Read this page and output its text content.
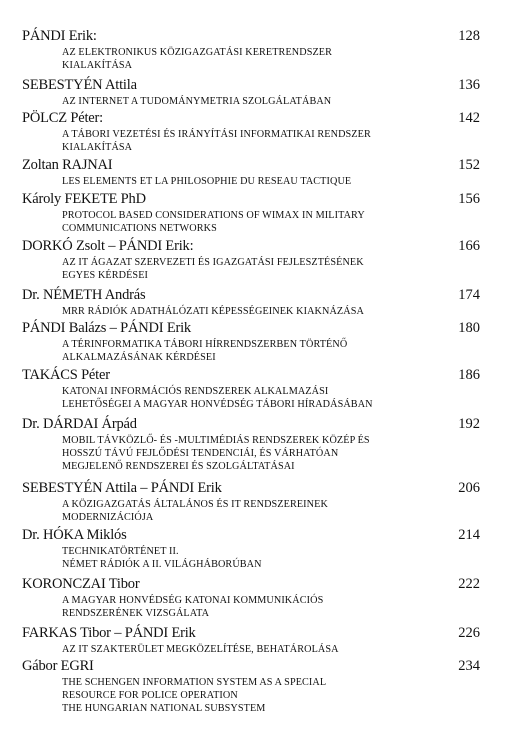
PÁNDI Erik:	128
AZ ELEKTRONIKUS KÖZIGAZGATÁSI KERETRENDSZER
KIALAKÍTÁSA
SEBESTYÉN Attila	136
AZ INTERNET A TUDOMÁNYMETRIA SZOLGÁLATÁBAN
PÖLCZ Péter:	142
A TÁBORI VEZETÉSI ÉS IRÁNYÍTÁSI INFORMATIKAI RENDSZER
KIALAKÍTÁSA
Zoltan RAJNAI	152
LES ELEMENTS ET LA PHILOSOPHIE DU RESEAU TACTIQUE
Károly FEKETE PhD	156
PROTOCOL BASED CONSIDERATIONS OF WIMAX IN MILITARY
COMMUNICATIONS NETWORKS
DORKÓ Zsolt – PÁNDI Erik:	166
AZ IT ÁGAZAT SZERVEZETI ÉS IGAZGATÁSI FEJLESZTÉSÉNEK
EGYES KÉRDÉSEI
Dr. NÉMETH András	174
MRR RÁDIÓK ADATHÁLÓZATI KÉPESSÉGEINEK KIAKNÁZÁSA
PÁNDI Balázs – PÁNDI Erik	180
A TÉRINFORMATIKA TÁBORI HÍRRENDSZERBEN TÖRTÉNŐ
ALKALMAZÁSÁNAK KÉRDÉSEI
TAKÁCS Péter	186
KATONAI INFORMÁCIÓS RENDSZEREK ALKALMAZÁSI
LEHETŐSÉGEI A MAGYAR HONVÉDSÉG TÁBORI HÍRADÁSÁBAN
Dr. DÁRDAI Árpád	192
MOBIL TÁVKÖZLŐ- ÉS -MULTIMÉDIÁS RENDSZEREK KÖZÉP ÉS
HOSSZÚ TÁVÚ FEJLŐDÉSI TENDENCIÁI, ÉS VÁRHATÓAN
MEGJELENŐ RENDSZEREI ÉS SZOLGÁLTATÁSAI
SEBESTYÉN Attila – PÁNDI Erik	206
A KÖZIGAZGATÁS ÁLTALÁNOS ÉS IT RENDSZEREINEK
MODERNIZÁCIÓJA
Dr. HÓKA Miklós	214
TECHNIKATÖRTÉNET II.
NÉMET RÁDIÓK A II. VILÁGHÁBORÚBAN
KORONCZAI Tibor	222
A MAGYAR HONVÉDSÉG KATONAI KOMMUNIKÁCIÓS
RENDSZERÉNEK VIZSGÁLATA
FARKAS Tibor – PÁNDI Erik	226
AZ IT SZAKTERÜLET MEGKÖZELÍTÉSE, BEHATÁROLÁSA
Gábor EGRI	234
THE SCHENGEN INFORMATION SYSTEM AS A SPECIAL
RESOURCE FOR POLICE OPERATION
THE HUNGARIAN NATIONAL SUBSYSTEM
